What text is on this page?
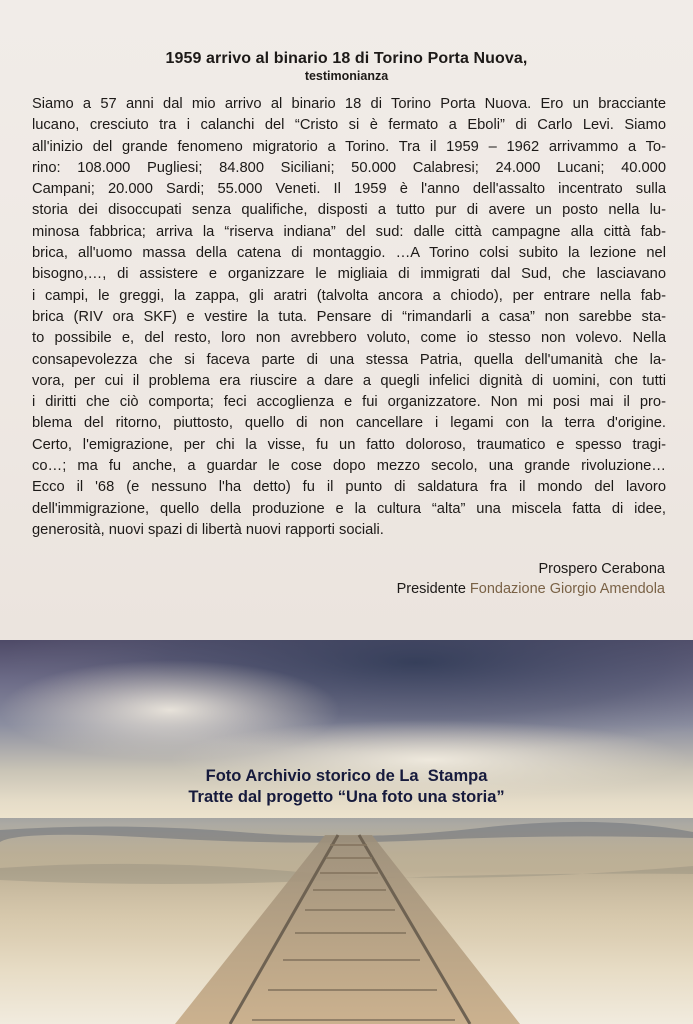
1959 arrivo al binario 18 di Torino Porta Nuova,
testimonianza
Siamo a 57 anni dal mio arrivo al binario 18 di Torino Porta Nuova. Ero un bracciante
lucano, cresciuto tra i calanchi del “Cristo si è fermato a Eboli” di Carlo Levi. Siamo
all'inizio del grande fenomeno migratorio a Torino. Tra il 1959 – 1962 arrivammo a To-
rino: 108.000 Pugliesi; 84.800 Siciliani; 50.000 Calabresi; 24.000 Lucani; 40.000
Campani; 20.000 Sardi; 55.000 Veneti. Il 1959 è l'anno dell'assalto incentrato sulla
storia dei disoccupati senza qualifiche, disposti a tutto pur di avere un posto nella lu-
minosa fabbrica; arriva la “riserva indiana” del sud: dalle città campagne alla città fab-
brica, all'uomo massa della catena di montaggio. …A Torino colsi subito la lezione nel
bisogno,…, di assistere e organizzare le migliaia di immigrati dal Sud, che lasciavano
i campi, le greggi, la zappa, gli aratri (talvolta ancora a chiodo), per entrare nella fab-
brica (RIV ora SKF) e vestire la tuta. Pensare di “rimandarli a casa” non sarebbe sta-
to possibile e, del resto, loro non avrebbero voluto, come io stesso non volevo. Nella
consapevolezza che si faceva parte di una stessa Patria, quella dell'umanità che la-
vora, per cui il problema era riuscire a dare a quegli infelici dignità di uomini, con tutti
i diritti che ciò comporta; feci accoglienza e fui organizzatore. Non mi posi mai il pro-
blema del ritorno, piuttosto, quello di non cancellare i legami con la terra d'origine.
Certo, l'emigrazione, per chi la visse, fu un fatto doloroso, traumatico e spesso tragi-
co…; ma fu anche, a guardar le cose dopo mezzo secolo, una grande rivoluzione…
Ecco il '68 (e nessuno l'ha detto) fu il punto di saldatura fra il mondo del lavoro
dell'immigrazione, quello della produzione e la cultura “alta” una miscela fatta di idee,
generosità, nuovi spazi di libertà nuovi rapporti sociali.
Prospero Cerabona
Presidente Fondazione Giorgio Amendola
Foto Archivio storico de La  Stampa
Tratte dal progetto “Una foto una storia”
